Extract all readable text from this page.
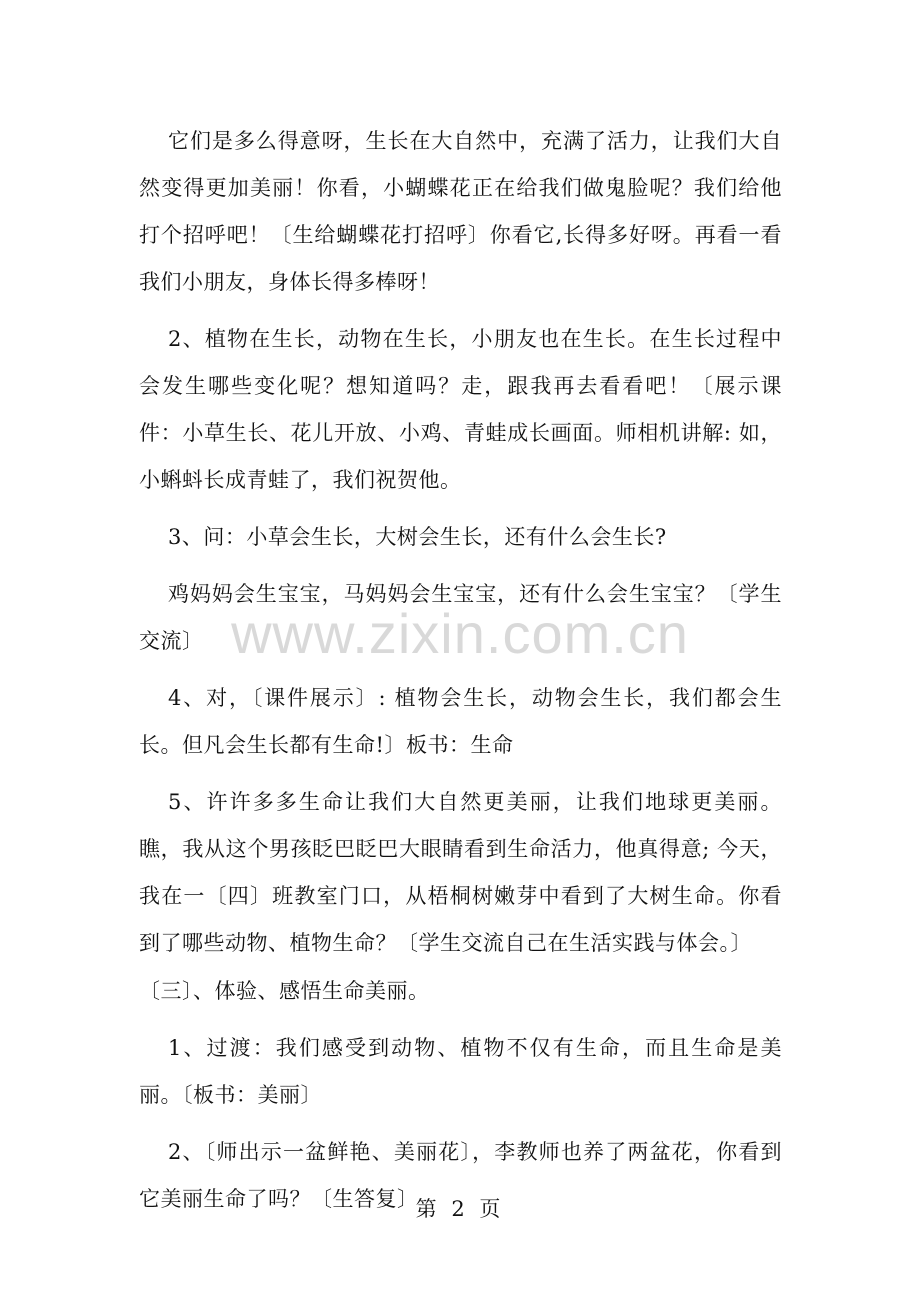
www.zixin.com.cn

它们是多么得意呀，生长在大自然中，充满了活力，让我们大自然变得更加美丽！你看，小蝴蝶花正在给我们做鬼脸呢？我们给他打个招呼吧！〔生给蝴蝶花打招呼〕你看它,长得多好呀。再看一看我们小朋友，身体长得多棒呀！

2、植物在生长，动物在生长，小朋友也在生长。在生长过程中会发生哪些变化呢？想知道吗？走，跟我再去看看吧！〔展示课件：小草生长、花儿开放、小鸡、青蛙成长画面。师相机讲解: 如，小蝌蚪长成青蛙了，我们祝贺他。

3、问：小草会生长，大树会生长，还有什么会生长?

鸡妈妈会生宝宝，马妈妈会生宝宝，还有什么会生宝宝？〔学生交流〕

4、对，〔课件展示〕: 植物会生长，动物会生长，我们都会生长。但凡会生长都有生命!〕板书：生命

5、许许多多生命让我们大自然更美丽，让我们地球更美丽。瞧，我从这个男孩眨巴眨巴大眼睛看到生命活力，他真得意; 今天，我在一〔四〕班教室门口，从梧桐树嫩芽中看到了大树生命。你看到了哪些动物、植物生命？〔学生交流自己在生活实践与体会。〕

〔三〕、体验、感悟生命美丽。

1、过渡：我们感受到动物、植物不仅有生命，而且生命是美丽。〔板书：美丽〕

2、〔师出示一盆鲜艳、美丽花〕，李教师也养了两盆花，你看到它美丽生命了吗？〔生答复〕

第 2 页
